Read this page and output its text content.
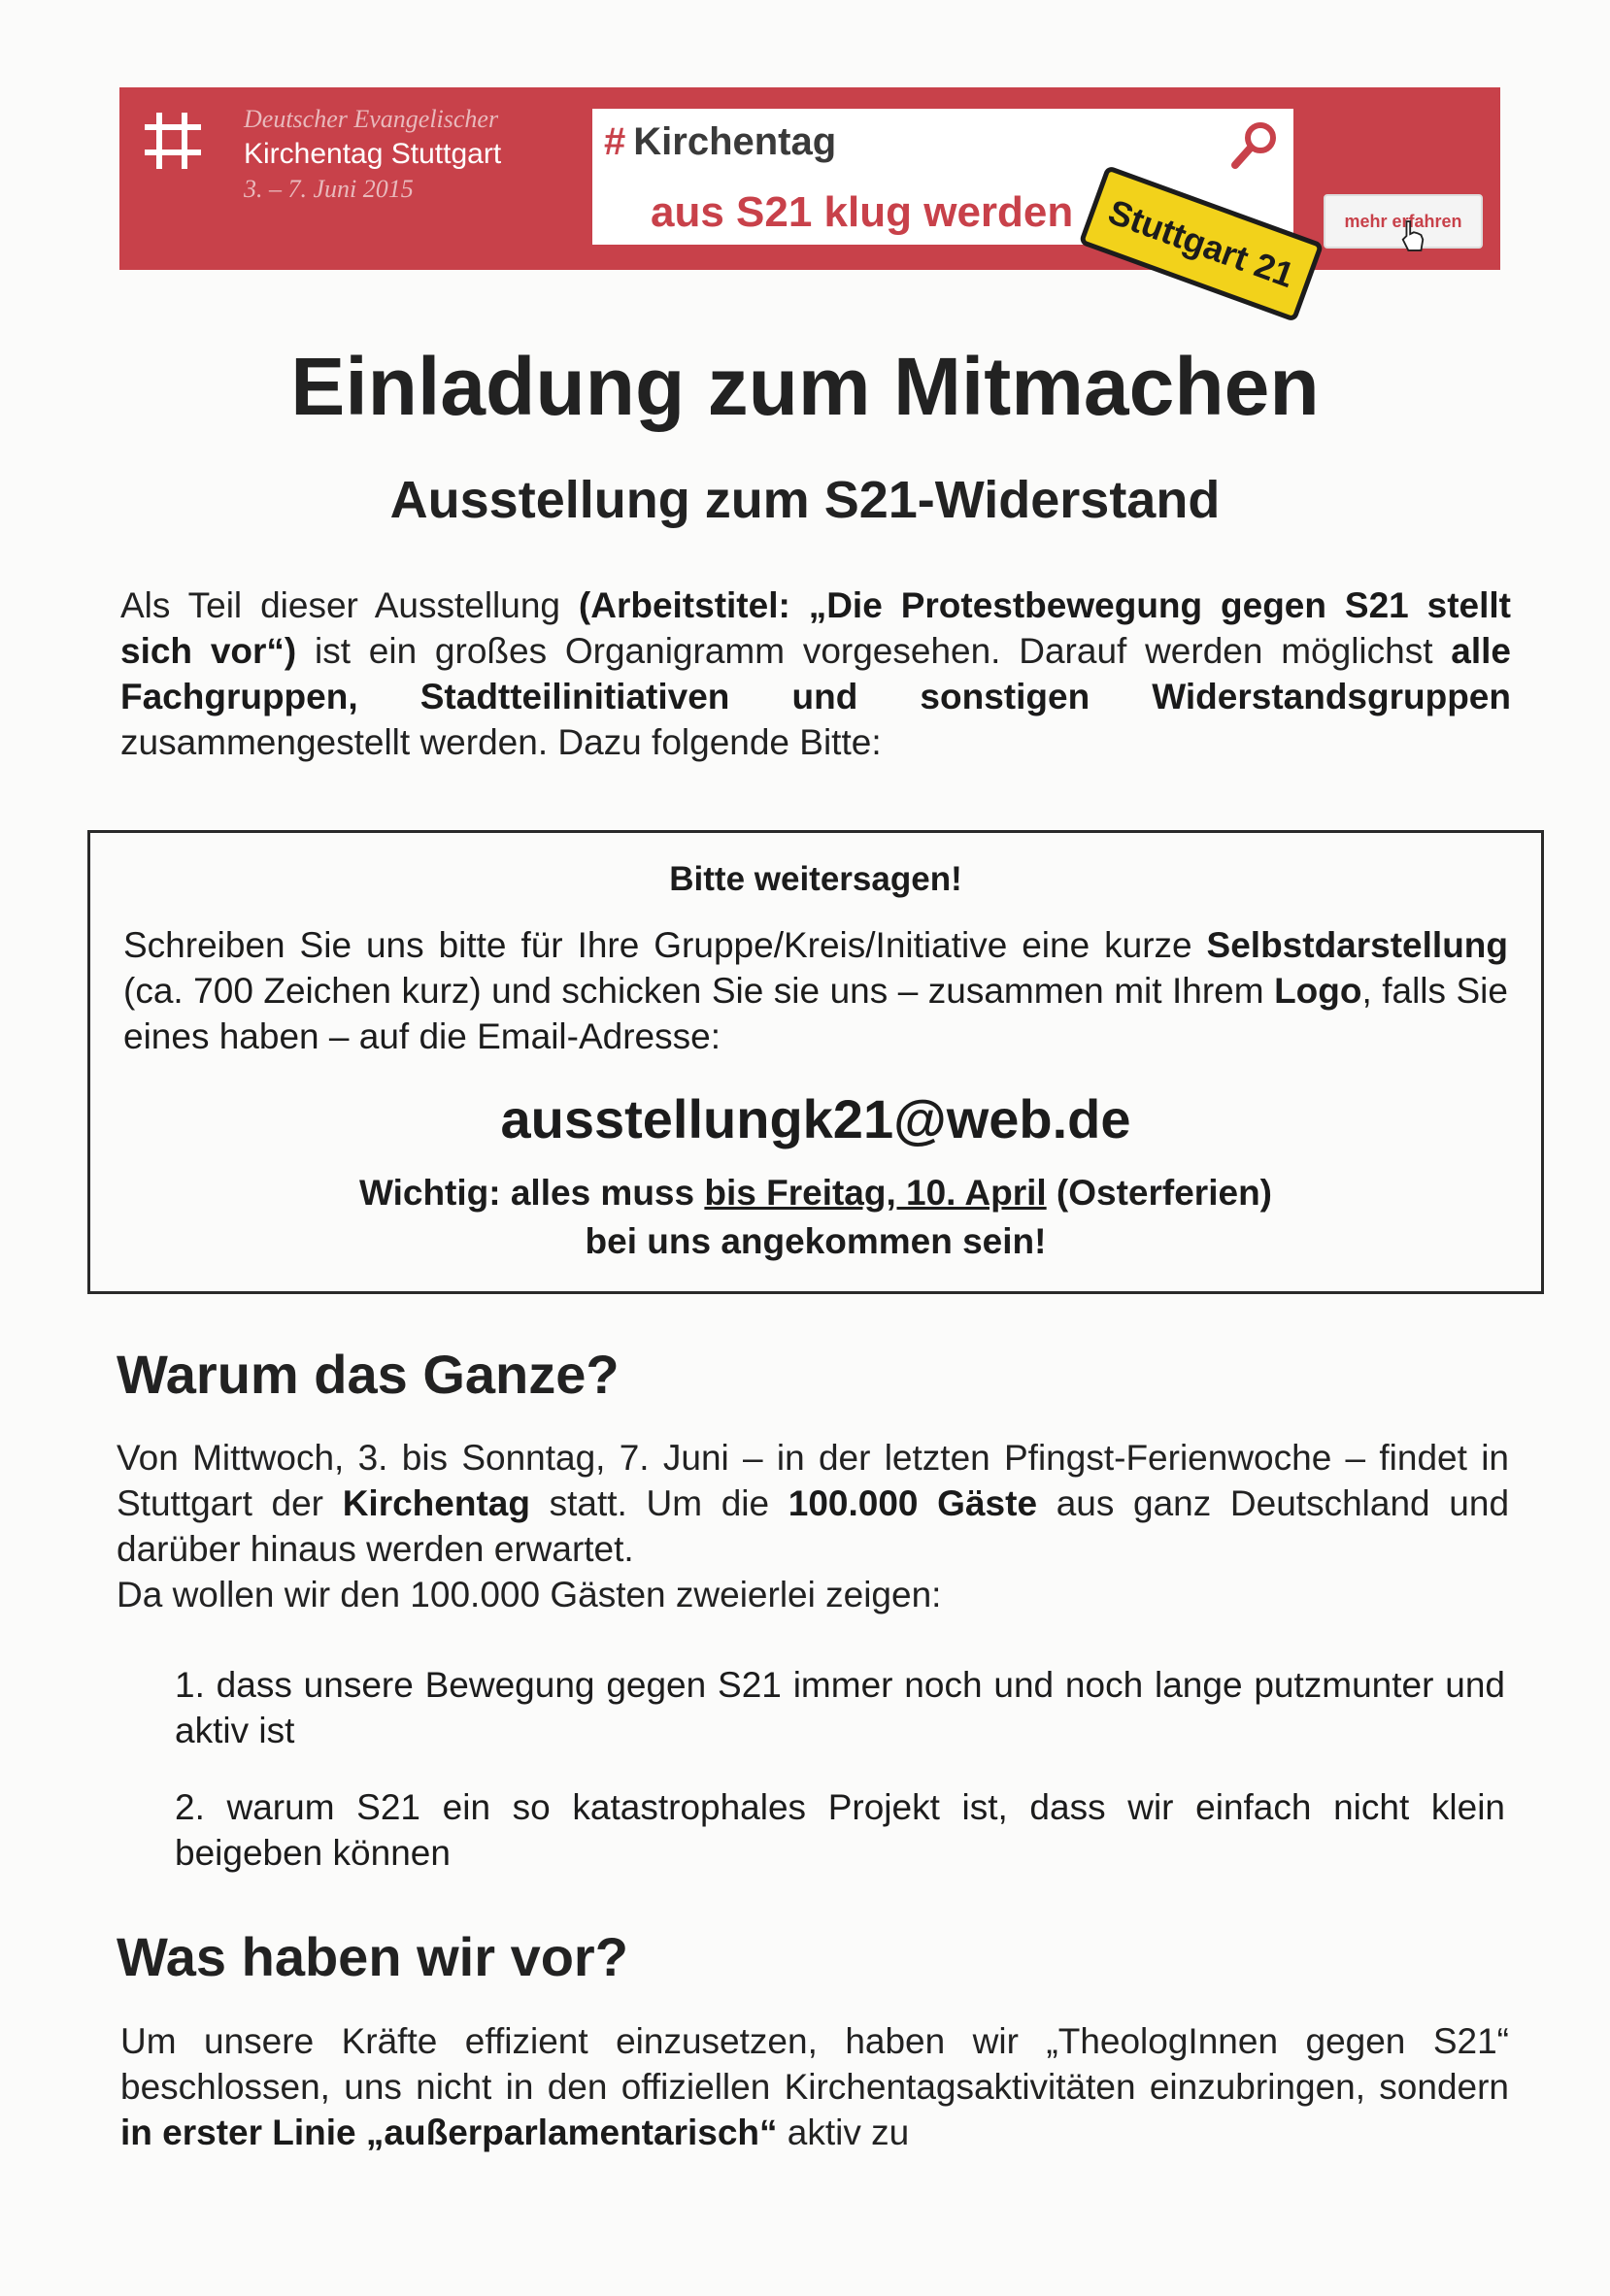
Deutscher Evangelischer
Kirchentag Stuttgart
3. – 7. Juni 2015
# Kirchentag
aus S21 klug werden Stuttgart 21	mehr erfahren
Einladung zum Mitmachen
Ausstellung zum S21-Widerstand
Als Teil dieser Ausstellung (Arbeitstitel: „Die Protestbewegung gegen S21 stellt sich vor“) ist ein großes Organigramm vorgesehen. Darauf werden möglichst alle Fachgruppen, Stadtteilinitiativen und sonstigen Widerstandsgruppen zusammengestellt werden. Dazu folgende Bitte:
Bitte weitersagen!
Schreiben Sie uns bitte für Ihre Gruppe/Kreis/Initiative eine kurze Selbstdarstellung (ca. 700 Zeichen kurz) und schicken Sie sie uns – zusammen mit Ihrem Logo, falls Sie eines haben – auf die Email-Adresse:
ausstellungk21@web.de
Wichtig: alles muss bis Freitag, 10. April (Osterferien)
bei uns angekommen sein!
Warum das Ganze?
Von Mittwoch, 3. bis Sonntag, 7. Juni – in der letzten Pfingst-Ferienwoche – findet in Stuttgart der Kirchentag statt. Um die 100.000 Gäste aus ganz Deutschland und darüber hinaus werden erwartet.
Da wollen wir den 100.000 Gästen zweierlei zeigen:
1. dass unsere Bewegung gegen S21 immer noch und noch lange putzmunter und aktiv ist
2. warum S21 ein so katastrophales Projekt ist, dass wir einfach nicht klein beigeben können
Was haben wir vor?
Um unsere Kräfte effizient einzusetzen, haben wir „TheologInnen gegen S21“ beschlossen, uns nicht in den offiziellen Kirchentagsaktivitäten einzubringen, sondern in erster Linie „außerparlamentarisch“ aktiv zu
